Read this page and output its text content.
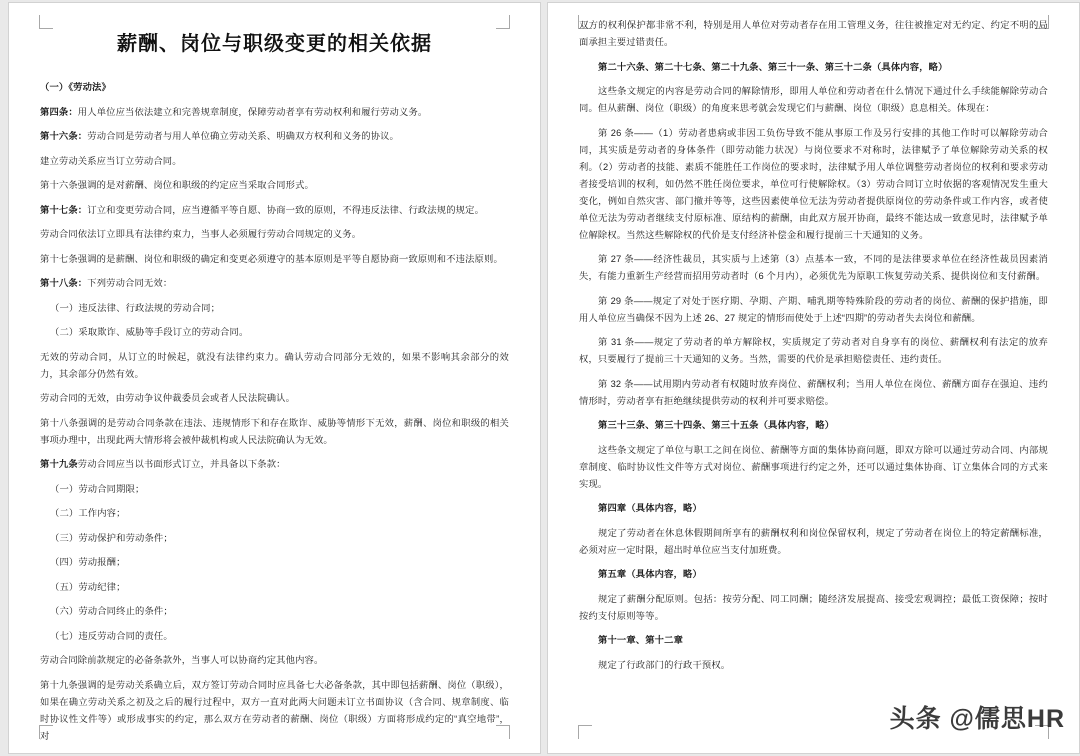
薪酬、岗位与职级变更的相关依据

（一）《劳动法》

第四条：用人单位应当依法建立和完善规章制度，保障劳动者享有劳动权利和履行劳动义务。

第十六条：劳动合同是劳动者与用人单位确立劳动关系、明确双方权利和义务的协议。

建立劳动关系应当订立劳动合同。

第十六条强调的是对薪酬、岗位和职级的约定应当采取合同形式。

第十七条：订立和变更劳动合同，应当遵循平等自愿、协商一致的原则，不得违反法律、行政法规的规定。

劳动合同依法订立即具有法律约束力，当事人必须履行劳动合同规定的义务。

第十七条强调的是薪酬、岗位和职级的确定和变更必须遵守的基本原则是平等自愿协商一致原则和不违法原则。

第十八条：下列劳动合同无效：

（一）违反法律、行政法规的劳动合同；

（二）采取欺诈、威胁等手段订立的劳动合同。

无效的劳动合同，从订立的时候起，就没有法律约束力。确认劳动合同部分无效的，如果不影响其余部分的效力，其余部分仍然有效。

劳动合同的无效，由劳动争议仲裁委员会或者人民法院确认。

第十八条强调的是劳动合同条款在违法、违规情形下和存在欺诈、威胁等情形下无效，薪酬、岗位和职级的相关事项办理中，出现此两大情形将会被仲裁机构或人民法院确认为无效。

第十九条劳动合同应当以书面形式订立，并具备以下条款：

（一）劳动合同期限；

（二）工作内容；

（三）劳动保护和劳动条件；

（四）劳动报酬；

（五）劳动纪律；

（六）劳动合同终止的条件；

（七）违反劳动合同的责任。

劳动合同除前款规定的必备条款外，当事人可以协商约定其他内容。

第十九条强调的是劳动关系确立后，双方签订劳动合同时应具备七大必备条款，其中即包括薪酬、岗位（职级），如果在确立劳动关系之初及之后的履行过程中，双方一直对此两大问题未订立书面协议（含合同、规章制度、临时协议性文件等）或形成事实的约定，那么双方在劳动者的薪酬、岗位（职级）方面将形成约定的“真空地带”，对

双方的权利保护都非常不利，特别是用人单位对劳动者存在用工管理义务，往往被推定对无约定、约定不明的局面承担主要过错责任。

第二十六条、第二十七条、第二十九条、第三十一条、第三十二条（具体内容，略）

这些条文规定的内容是劳动合同的解除情形，即用人单位和劳动者在什么情况下通过什么手续能解除劳动合同。但从薪酬、岗位（职级）的角度来思考就会发现它们与薪酬、岗位（职级）息息相关。体现在：

第 26 条——（1）劳动者患病或非因工负伤导致不能从事原工作及另行安排的其他工作时可以解除劳动合同，其实质是劳动者的身体条件（即劳动能力状况）与岗位要求不对称时，法律赋予了单位解除劳动关系的权利。（2）劳动者的技能、素质不能胜任工作岗位的要求时，法律赋予用人单位调整劳动者岗位的权利和要求劳动者接受培训的权利，如仍然不胜任岗位要求，单位可行使解除权。（3）劳动合同订立时依据的客观情况发生重大变化，例如自然灾害、部门撤并等等，这些因素使单位无法为劳动者提供原岗位的劳动条件或工作内容，或者使单位无法为劳动者继续支付原标准、原结构的薪酬，由此双方展开协商，最终不能达成一致意见时，法律赋予单位解除权。当然这些解除权的代价是支付经济补偿金和履行提前三十天通知的义务。

第 27 条——经济性裁员，其实质与上述第（3）点基本一致，不同的是法律要求单位在经济性裁员因素消失，有能力重新生产经营而招用劳动者时（6 个月内），必须优先为原职工恢复劳动关系、提供岗位和支付薪酬。

第 29 条——规定了对处于医疗期、孕期、产期、哺乳期等特殊阶段的劳动者的岗位、薪酬的保护措施，即用人单位应当确保不因为上述 26、27 规定的情形而使处于上述“四期”的劳动者失去岗位和薪酬。

第 31 条——规定了劳动者的单方解除权，实质规定了劳动者对自身享有的岗位、薪酬权利有法定的放弃权，只要履行了提前三十天通知的义务。当然，需要的代价是承担赔偿责任、违约责任。

第 32 条——试用期内劳动者有权随时放弃岗位、薪酬权利；当用人单位在岗位、薪酬方面存在强迫、违约情形时，劳动者享有拒绝继续提供劳动的权利并可要求赔偿。

第三十三条、第三十四条、第三十五条（具体内容，略）

这些条文规定了单位与职工之间在岗位、薪酬等方面的集体协商问题，即双方除可以通过劳动合同、内部规章制度、临时协议性文件等方式对岗位、薪酬事项进行约定之外，还可以通过集体协商、订立集体合同的方式来实现。

第四章（具体内容，略）

规定了劳动者在休息休假期间所享有的薪酬权利和岗位保留权利，规定了劳动者在岗位上的特定薪酬标准，必须对应一定时限，超出时单位应当支付加班费。

第五章（具体内容，略）

规定了薪酬分配原则。包括：按劳分配、同工同酬；随经济发展提高、接受宏观调控；最低工资保障；按时按约支付原则等等。

第十一章、第十二章

规定了行政部门的行政干预权。

头条 @儒思HR
